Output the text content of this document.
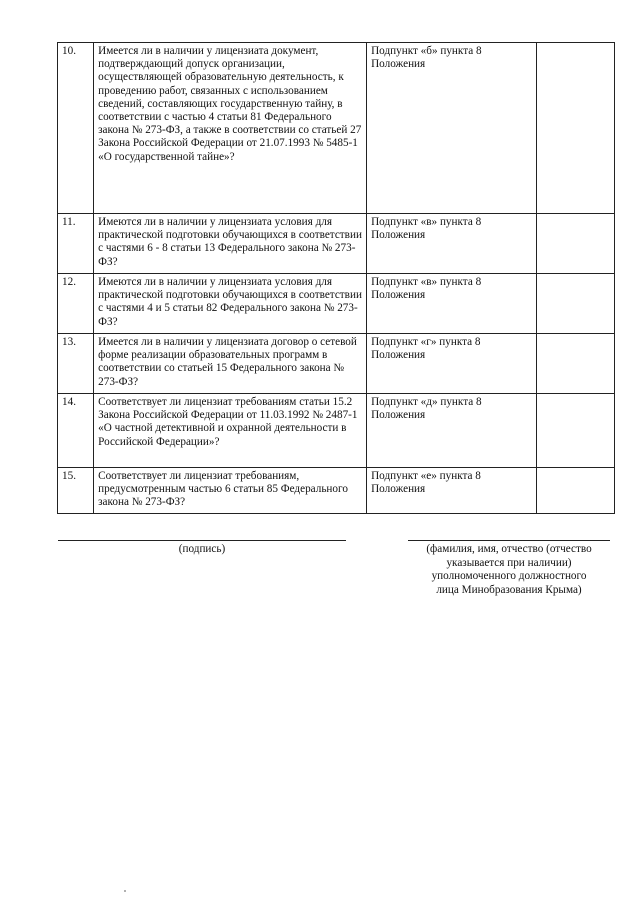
10.	Имеется ли в наличии у лицензиата документ, подтверждающий допуск организации, осуществляющей образовательную деятельность, к проведению работ, связанных с использованием сведений, составляющих государственную тайну, в соответствии с частью 4 статьи 81 Федерального закона № 273-ФЗ, а также в соответствии со статьей 27 Закона Российской Федерации от 21.07.1993 № 5485-1 «О государственной тайне»?	Подпункт «б» пункта 8 Положения	
11.	Имеются ли в наличии у лицензиата условия для практической подготовки обучающихся в соответствии с частями 6 - 8 статьи 13 Федерального закона № 273-ФЗ?	Подпункт «в» пункта 8 Положения	
12.	Имеются ли в наличии у лицензиата условия для практической подготовки обучающихся в соответствии с частями 4 и 5 статьи 82 Федерального закона № 273-ФЗ?	Подпункт «в» пункта 8 Положения	
13.	Имеется ли в наличии у лицензиата договор о сетевой форме реализации образовательных программ в соответствии со статьей 15 Федерального закона № 273-ФЗ?	Подпункт «г» пункта 8 Положения	
14.	Соответствует ли лицензиат требованиям статьи 15.2 Закона Российской Федерации от 11.03.1992 № 2487-1 «О частной детективной и охранной деятельности в Российской Федерации»?	Подпункт «д» пункта 8 Положения	
15.	Соответствует ли лицензиат требованиям, предусмотренным частью 6 статьи 85 Федерального закона № 273-ФЗ?	Подпункт «е» пункта 8 Положения	
(подпись)	(фамилия, имя, отчество (отчество
указывается при наличии)
уполномоченного должностного
лица Минобразования Крыма)
